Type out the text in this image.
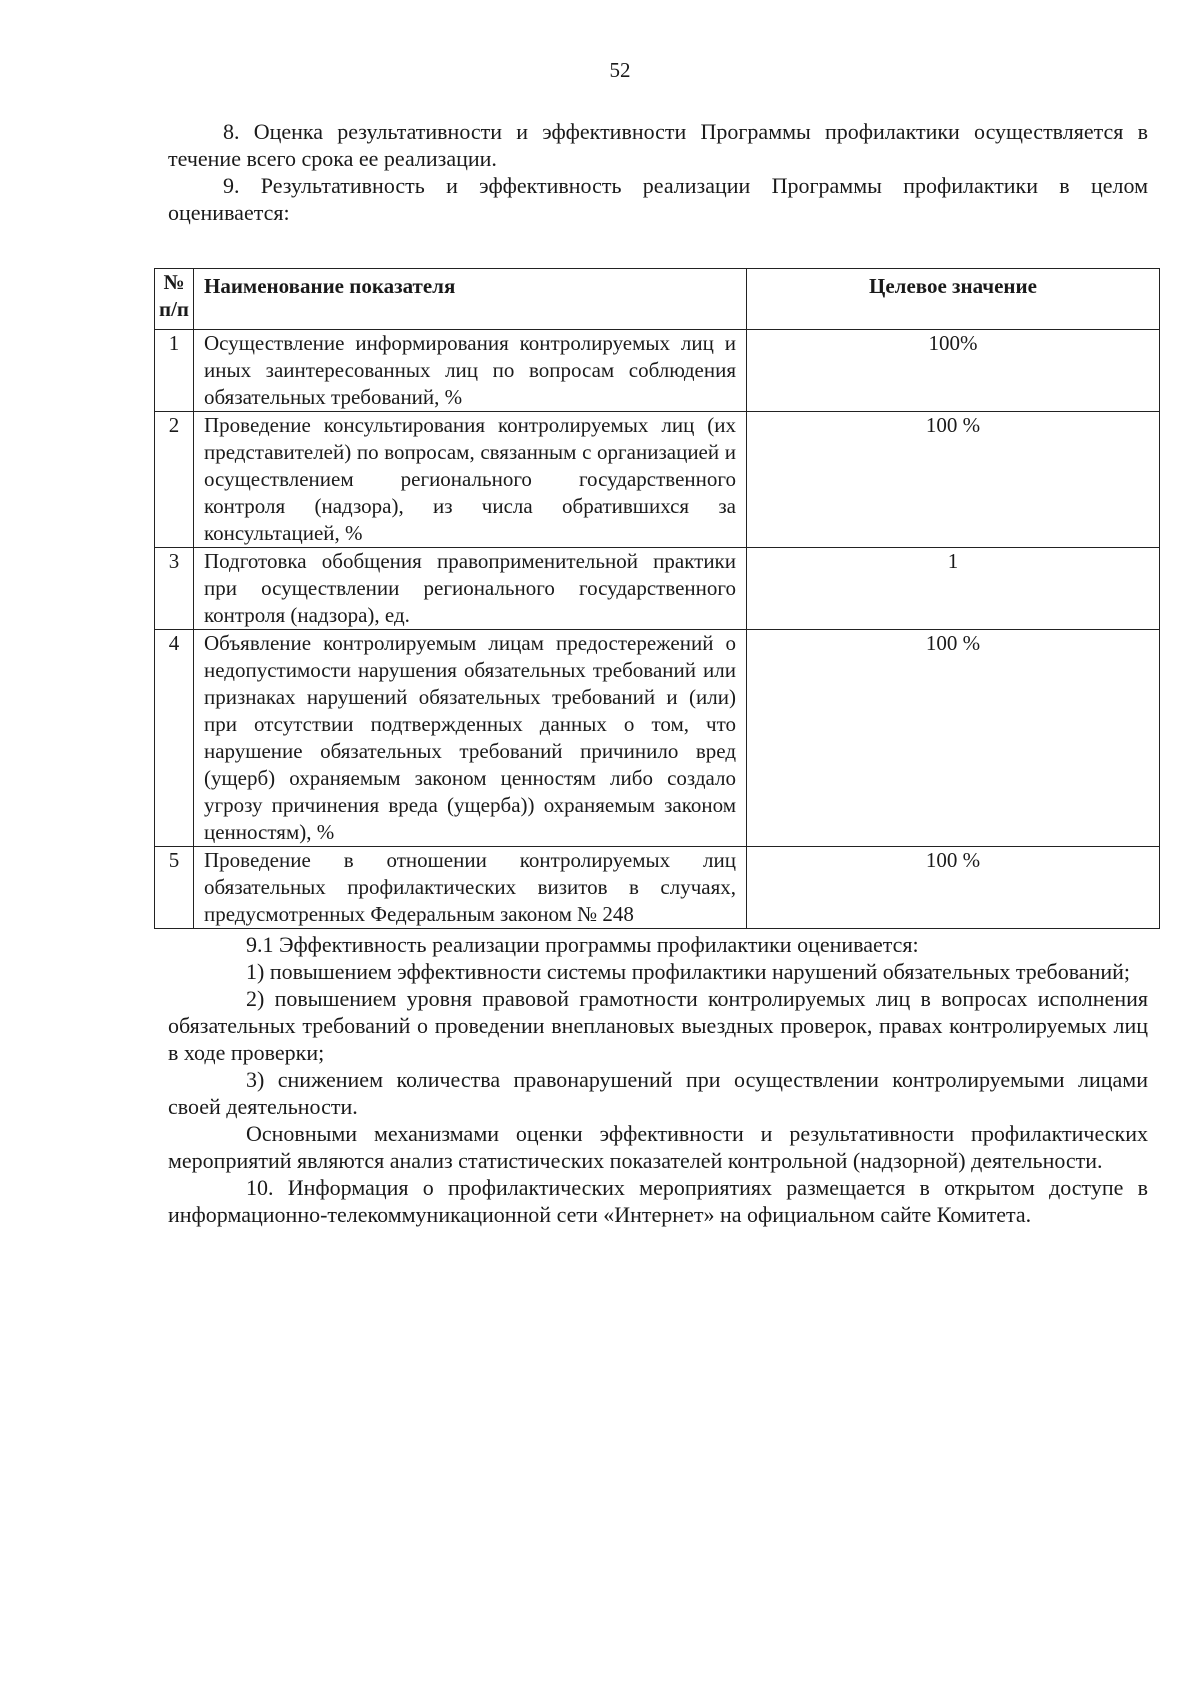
52

8. Оценка результативности и эффективности Программы профилактики осуществляется в течение всего срока ее реализации.

9. Результативность и эффективность реализации Программы профилактики в целом оценивается:

№ п/п	Наименование показателя	Целевое значение
1	Осуществление информирования контролируемых лиц и иных заинтересованных лиц по вопросам соблюдения обязательных требований, %	100%
2	Проведение консультирования контролируемых лиц (их представителей) по вопросам, связанным с организацией и осуществлением регионального государственного контроля (надзора), из числа обратившихся за консультацией, %	100 %
3	Подготовка обобщения правоприменительной практики при осуществлении регионального государственного контроля (надзора), ед.	1
4	Объявление контролируемым лицам предостережений о недопустимости нарушения обязательных требований или признаках нарушений обязательных требований и (или) при отсутствии подтвержденных данных о том, что нарушение обязательных требований причинило вред (ущерб) охраняемым законом ценностям либо создало угрозу причинения вреда (ущерба)) охраняемым законом ценностям), %	100 %
5	Проведение в отношении контролируемых лиц обязательных профилактических визитов в случаях, предусмотренных Федеральным законом № 248	100 %

9.1 Эффективность реализации программы профилактики оценивается:

1) повышением эффективности системы профилактики нарушений обязательных требований;

2) повышением уровня правовой грамотности контролируемых лиц в вопросах исполнения обязательных требований о проведении внеплановых выездных проверок, правах контролируемых лиц в ходе проверки;

3) снижением количества правонарушений при осуществлении контролируемыми лицами своей деятельности.

Основными механизмами оценки эффективности и результативности профилактических мероприятий являются анализ статистических показателей контрольной (надзорной) деятельности.

10. Информация о профилактических мероприятиях размещается в открытом доступе в информационно-телекоммуникационной сети «Интернет» на официальном сайте Комитета.
